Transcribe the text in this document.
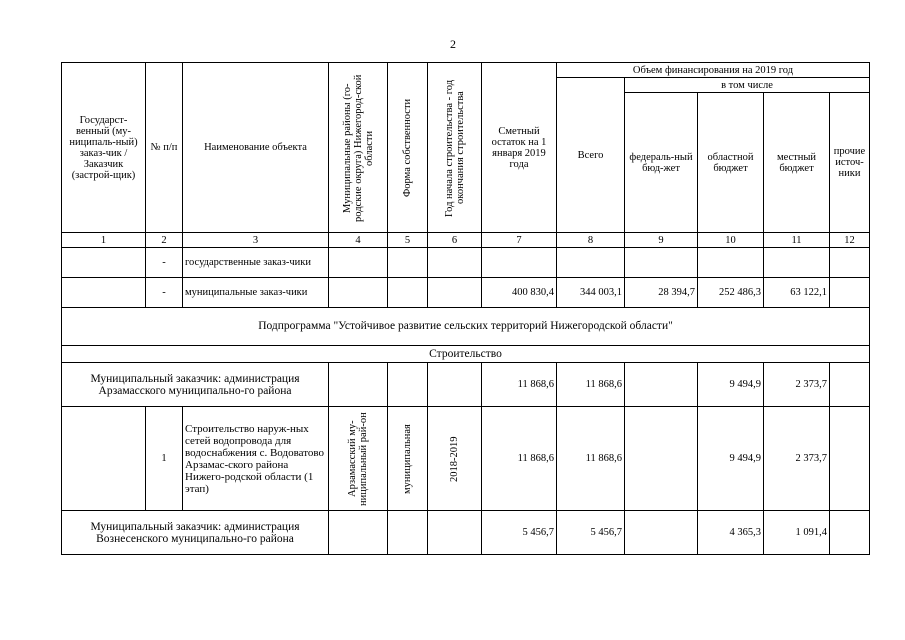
2
Государст-венный (му-ниципаль-ный) заказ-чик / Заказчик (застрой-щик)	№ п/п	Наименование объекта	Муниципальные районы (го-родские округа) Нижегород-ской области	Форма собственности	Год начала строительства - год окончания строительства	Сметный остаток на 1 января 2019 года	Объем финансирования на 2019 год				
							Всего	в том числе			
								федераль-ный бюд-жет	областной бюджет	местный бюджет	прочие источ-ники
1	2	3	4	5	6	7	8	9	10	11	12
	-	государственные заказ-чики									
	-	муниципальные заказ-чики				400 830,4	344 003,1	28 394,7	252 486,3	63 122,1	
Подпрограмма "Устойчивое развитие сельских территорий Нижегородской области"											
Строительство											
Муниципальный заказчик: администрация Арзамасского муниципально-го района						11 868,6	11 868,6		9 494,9	2 373,7	
	1	Строительство наруж-ных сетей водопровода для водоснабжения с. Водоватово Арзамас-ского района Нижего-родской области (1 этап)	Арзамасский му-ниципальный рай-он	муниципальная	2018-2019	11 868,6	11 868,6		9 494,9	2 373,7	
Муниципальный заказчик: администрация Вознесенского муниципально-го района						5 456,7	5 456,7		4 365,3	1 091,4	
